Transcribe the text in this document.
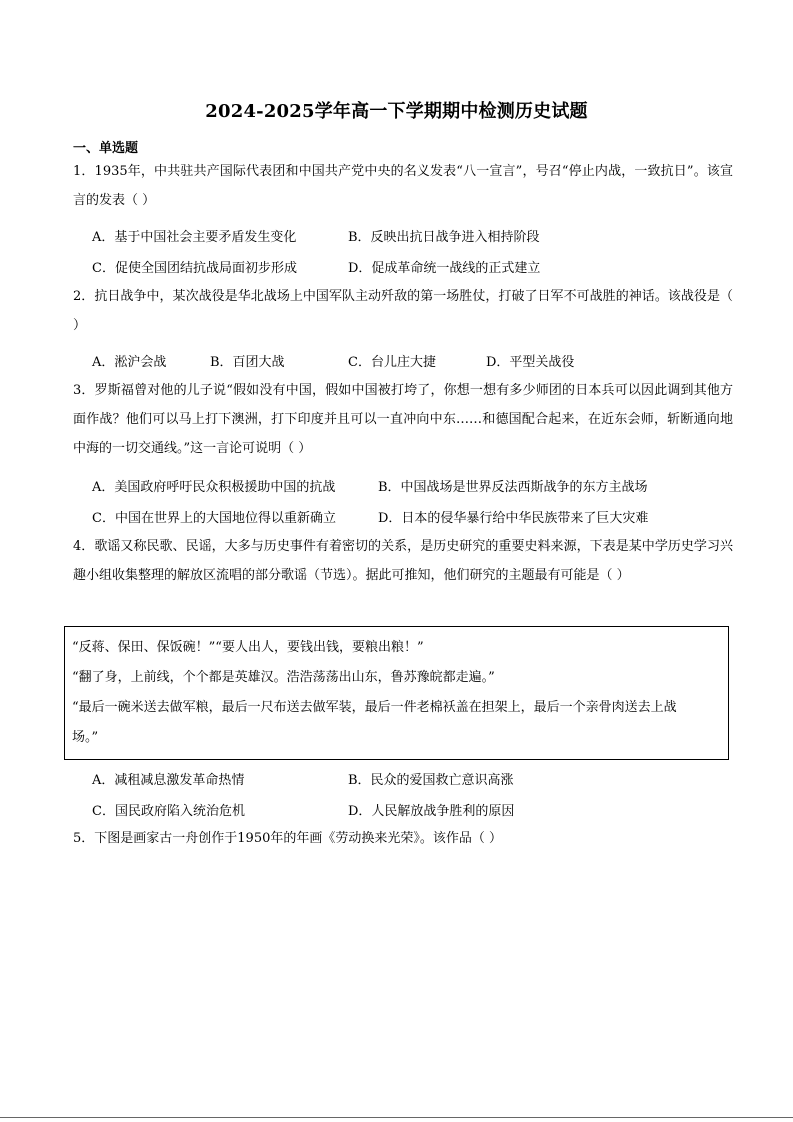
2024-2025学年高一下学期期中检测历史试题
一、单选题
1．1935年，中共驻共产国际代表团和中国共产党中央的名义发表“八一宣言”，号召“停止内战，一致抗日”。该宣言的发表（ ）
A．基于中国社会主要矛盾发生变化	B．反映出抗日战争进入相持阶段
C．促使全国团结抗战局面初步形成	D．促成革命统一战线的正式建立
2．抗日战争中，某次战役是华北战场上中国军队主动歼敌的第一场胜仗，打破了日军不可战胜的神话。该战役是（ ）
A．淞沪会战	B．百团大战	C．台儿庄大捷	D．平型关战役
3．罗斯福曾对他的儿子说“假如没有中国，假如中国被打垮了，你想一想有多少师团的日本兵可以因此调到其他方面作战？他们可以马上打下澳洲，打下印度并且可以一直冲向中东……和德国配合起来，在近东会师，斩断通向地中海的一切交通线。”这一言论可说明（ ）
A．美国政府呼吁民众积极援助中国的抗战	B．中国战场是世界反法西斯战争的东方主战场
C．中国在世界上的大国地位得以重新确立	D．日本的侵华暴行给中华民族带来了巨大灾难
4．歌谣又称民歌、民谣，大多与历史事件有着密切的关系，是历史研究的重要史料来源，下表是某中学历史学习兴趣小组收集整理的解放区流唱的部分歌谣（节选）。据此可推知，他们研究的主题最有可能是（ ）
“反蒋、保田、保饭碗！”“要人出人，要钱出钱，要粮出粮！”
“翻了身，上前线，个个都是英雄汉。浩浩荡荡出山东，鲁苏豫皖都走遍。”
“最后一碗米送去做军粮，最后一尺布送去做军装，最后一件老棉袄盖在担架上，最后一个亲骨肉送去上战
场。”
A．减租减息激发革命热情	B．民众的爱国救亡意识高涨
C．国民政府陷入统治危机	D．人民解放战争胜利的原因
5．下图是画家古一舟创作于1950年的年画《劳动换来光荣》。该作品（ ）
